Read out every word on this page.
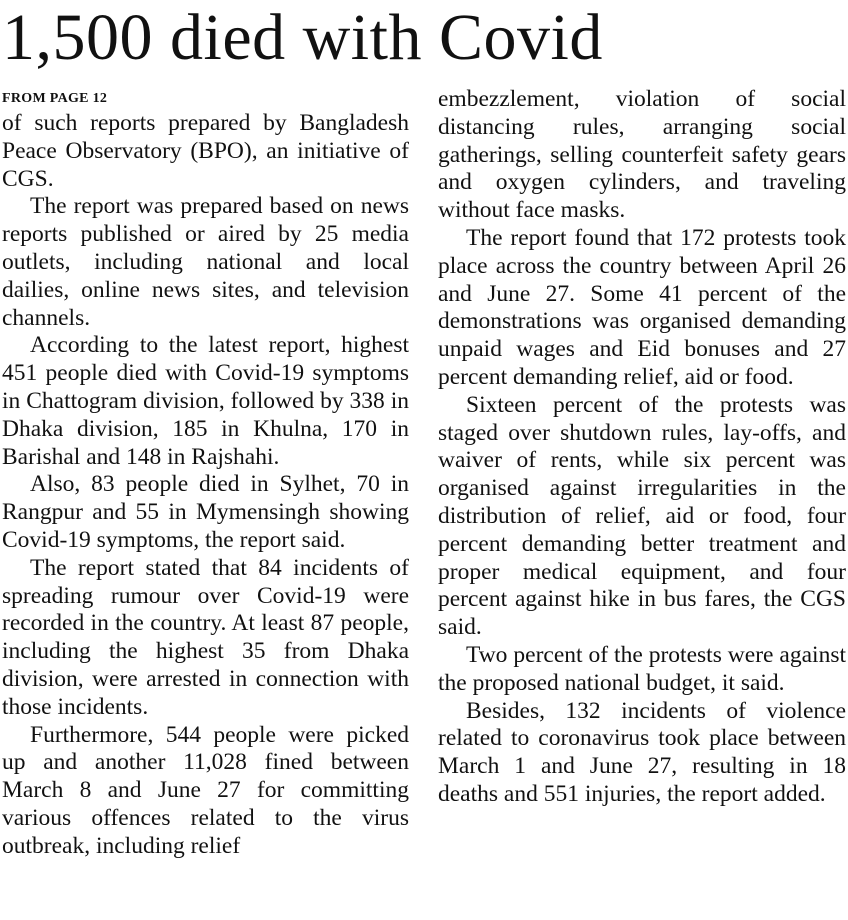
1,500 died with Covid
FROM PAGE 12

of such reports prepared by Bangladesh Peace Observatory (BPO), an initiative of CGS.

The report was prepared based on news reports published or aired by 25 media outlets, including national and local dailies, online news sites, and television channels.

According to the latest report, highest 451 people died with Covid-19 symptoms in Chattogram division, followed by 338 in Dhaka division, 185 in Khulna, 170 in Barishal and 148 in Rajshahi.

Also, 83 people died in Sylhet, 70 in Rangpur and 55 in Mymensingh showing Covid-19 symptoms, the report said.

The report stated that 84 incidents of spreading rumour over Covid-19 were recorded in the country. At least 87 people, including the highest 35 from Dhaka division, were arrested in connection with those incidents.

Furthermore, 544 people were picked up and another 11,028 fined between March 8 and June 27 for committing various offences related to the virus outbreak, including relief

embezzlement, violation of social distancing rules, arranging social gatherings, selling counterfeit safety gears and oxygen cylinders, and traveling without face masks.

The report found that 172 protests took place across the country between April 26 and June 27. Some 41 percent of the demonstrations was organised demanding unpaid wages and Eid bonuses and 27 percent demanding relief, aid or food.

Sixteen percent of the protests was staged over shutdown rules, lay-offs, and waiver of rents, while six percent was organised against irregularities in the distribution of relief, aid or food, four percent demanding better treatment and proper medical equipment, and four percent against hike in bus fares, the CGS said.

Two percent of the protests were against the proposed national budget, it said.

Besides, 132 incidents of violence related to coronavirus took place between March 1 and June 27, resulting in 18 deaths and 551 injuries, the report added.
